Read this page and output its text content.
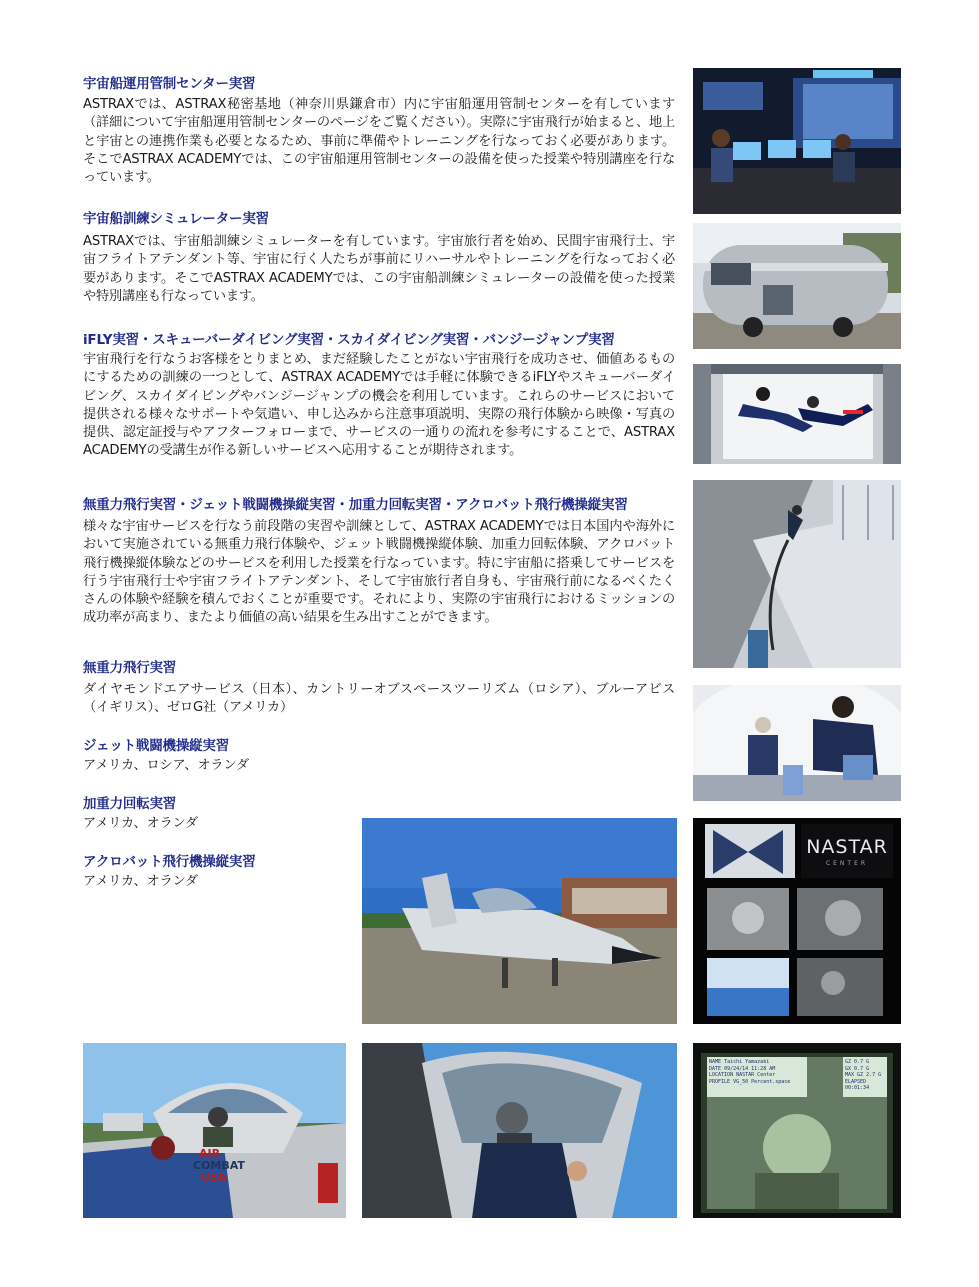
宇宙船運用管制センター実習

ASTRAXでは、ASTRAX秘密基地（神奈川県鎌倉市）内に宇宙船運用管制センターを有しています（詳細について宇宙船運用管制センターのページをご覧ください）。実際に宇宙飛行が始まると、地上と宇宙との連携作業も必要となるため、事前に準備やトレーニングを行なっておく必要があります。そこでASTRAX ACADEMYでは、この宇宙船運用管制センターの設備を使った授業や特別講座を行なっています。

宇宙船訓練シミュレーター実習

ASTRAXでは、宇宙船訓練シミュレーターを有しています。宇宙旅行者を始め、民間宇宙飛行士、宇宙フライトアテンダント等、宇宙に行く人たちが事前にリハーサルやトレーニングを行なっておく必要があります。そこでASTRAX ACADEMYでは、この宇宙船訓練シミュレーターの設備を使った授業や特別講座も行なっています。

iFLY実習・スキューバーダイビング実習・スカイダイビング実習・バンジージャンプ実習

宇宙飛行を行なうお客様をとりまとめ、まだ経験したことがない宇宙飛行を成功させ、価値あるものにするための訓練の一つとして、ASTRAX ACADEMYでは手軽に体験できるiFLYやスキューバーダイビング、スカイダイビングやバンジージャンプの機会を利用しています。これらのサービスにおいて提供される様々なサポートや気遣い、申し込みから注意事項説明、実際の飛行体験から映像・写真の提供、認定証授与やアフターフォローまで、サービスの一通りの流れを参考にすることで、ASTRAX ACADEMYの受講生が作る新しいサービスへ応用することが期待されます。

無重力飛行実習・ジェット戦闘機操縦実習・加重力回転実習・アクロバット飛行機操縦実習

様々な宇宙サービスを行なう前段階の実習や訓練として、ASTRAX ACADEMYでは日本国内や海外において実施されている無重力飛行体験や、ジェット戦闘機操縦体験、加重力回転体験、アクロバット飛行機操縦体験などのサービスを利用した授業を行なっています。特に宇宙船に搭乗してサービスを行う宇宙飛行士や宇宙フライトアテンダント、そして宇宙旅行者自身も、宇宙飛行前になるべくたくさんの体験や経験を積んでおくことが重要です。それにより、実際の宇宙飛行におけるミッションの成功率が高まり、またより価値の高い結果を生み出すことができます。

無重力飛行実習

ダイヤモンドエアサービス（日本）、カントリーオブスペースツーリズム（ロシア）、ブルーアビス（イギリス）、ゼロG社（アメリカ）

ジェット戦闘機操縦実習

アメリカ、ロシア、オランダ

加重力回転実習

アメリカ、オランダ

アクロバット飛行機操縦実習

アメリカ、オランダ

NASTAR
CENTER
AIR
COMBAT
USA
NAME Taichi Yamazaki
DATE 09/24/14 11:28 AM
LOCATION NASTAR Center
PROFILE VG_50 Percent.space
GZ 0.7 G
GX 0.7 G
MAX GZ 2.7 G
ELAPSED 00:01:34
